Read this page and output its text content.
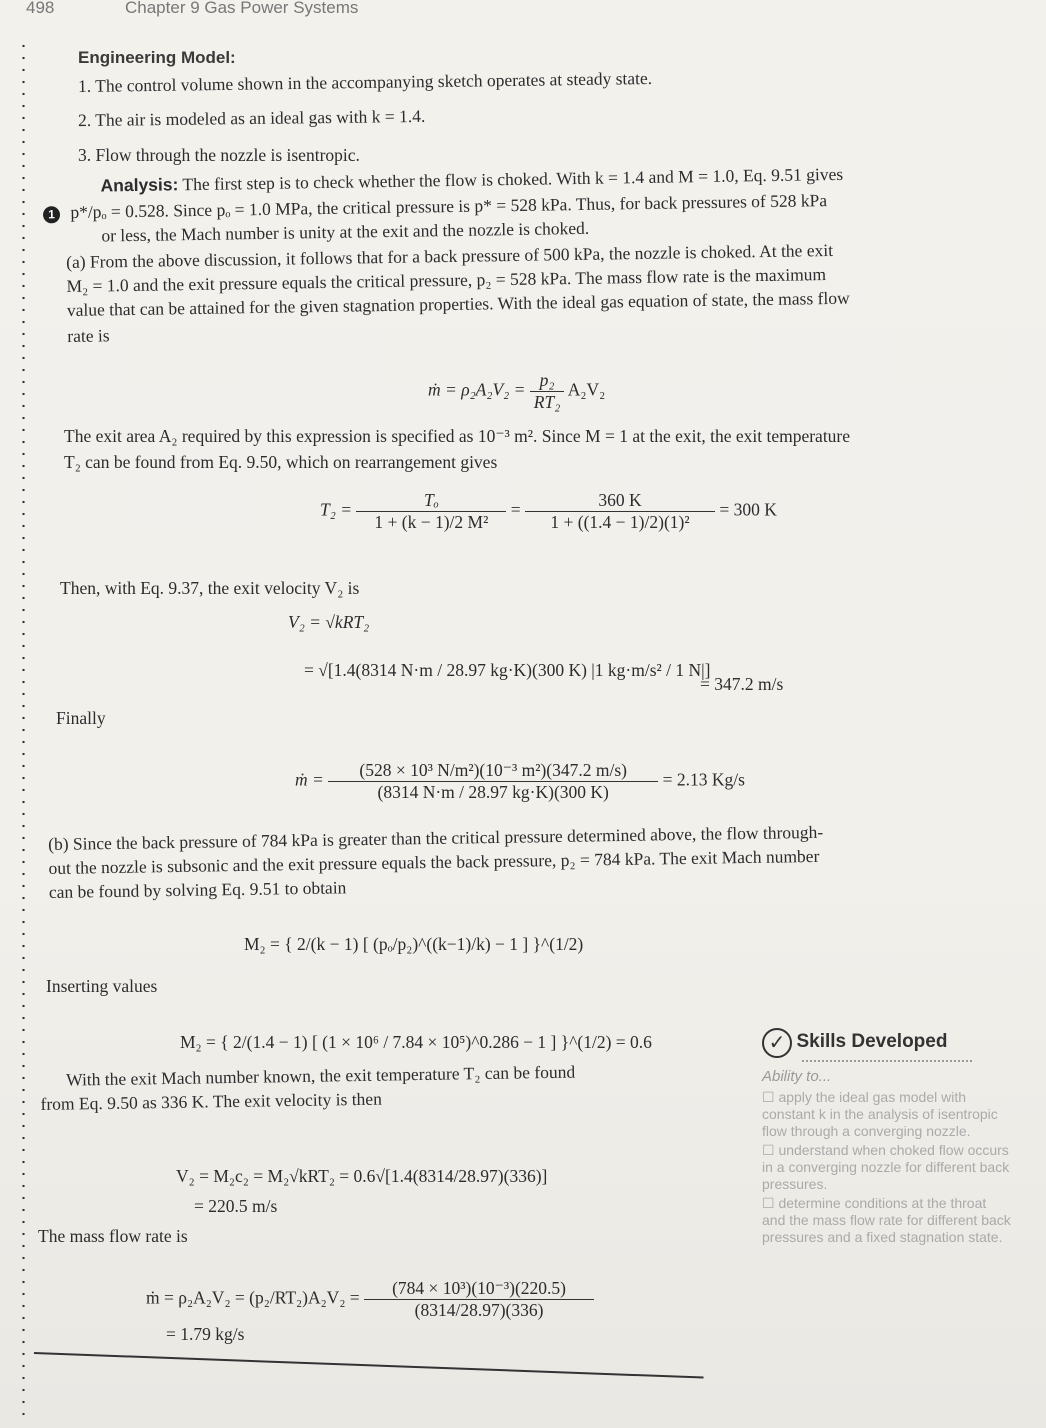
498	Chapter 9 Gas Power Systems
Engineering Model:
1. The control volume shown in the accompanying sketch operates at steady state.
2. The air is modeled as an ideal gas with k = 1.4.
3. Flow through the nozzle is isentropic.
Analysis: The first step is to check whether the flow is choked. With k = 1.4 and M = 1.0, Eq. 9.51 gives
1 p*/pₒ = 0.528. Since pₒ = 1.0 MPa, the critical pressure is p* = 528 kPa. Thus, for back pressures of 528 kPa
or less, the Mach number is unity at the exit and the nozzle is choked.
(a) From the above discussion, it follows that for a back pressure of 500 kPa, the nozzle is choked. At the exit
M₂ = 1.0 and the exit pressure equals the critical pressure, p₂ = 528 kPa. The mass flow rate is the maximum
value that can be attained for the given stagnation properties. With the ideal gas equation of state, the mass flow
rate is
ṁ = $\rho_2A_2V_2 = \frac{\text{p₂}}{\text{RT₂}} A_2V_2$
The exit area A₂ required by this expression is specified as 10⁻³ m². Since M = 1 at the exit, the exit temperature
T₂ can be found from Eq. 9.50, which on rearrangement gives
$T_2 = \frac{\text{Tₒ}}{\text{1 + (k − 1)/2 M²}} = \frac{360 K}{\text{1 + ((1.4 − 1)/2)(1)²}} = 300$ K
Then, with Eq. 9.37, the exit velocity V₂ is
V₂ = √kRT₂
= √[1.4(8314 N·m / 28.97 kg·K)(300 K) |1 kg·m/s² / 1 N|]
= 347.2 m/s
Finally
ṁ = $\frac{\text{(528 × 10³ N/m²)(10⁻³ m²)(347.2 m/s)}}{(8314 N\cdot m / 28.97 kg\cdot K)(300 K)} = 2.13$ Kg/s
(b) Since the back pressure of 784 kPa is greater than the critical pressure determined above, the flow through-
out the nozzle is subsonic and the exit pressure equals the back pressure, p₂ = 784 kPa. The exit Mach number
can be found by solving Eq. 9.51 to obtain
M₂ = { 2/(k − 1) [ (pₒ/p₂)^((k−1)/k) − 1 ] }^(1/2)
Inserting values
M₂ = { 2/(1.4 − 1) [ (1 × 10⁶ / 7.84 × 10⁵)^0.286 − 1 ] }^(1/2) = 0.6
With the exit Mach number known, the exit temperature T₂ can be found
from Eq. 9.50 as 336 K. The exit velocity is then
V₂ = M₂c₂ = M₂√kRT₂ = 0.6√[1.4(8314/28.97)(336)]
= 220.5 m/s
The mass flow rate is
ṁ = $\rho_2A_2V_2 = (p_2/RT_2)A_2V_2 = \frac{\text{(784 × 10³)(10⁻³)(220.5)}}{(8314/28.97)(336)}$
= 1.79 kg/s
✓ Skills Developed
Ability to...
☐ apply the ideal gas model with constant k in the analysis of isentropic flow through a converging nozzle.
☐ understand when choked flow occurs in a converging nozzle for different back pressures.
☐ determine conditions at the throat and the mass flow rate for different back pressures and a fixed stagnation state.
